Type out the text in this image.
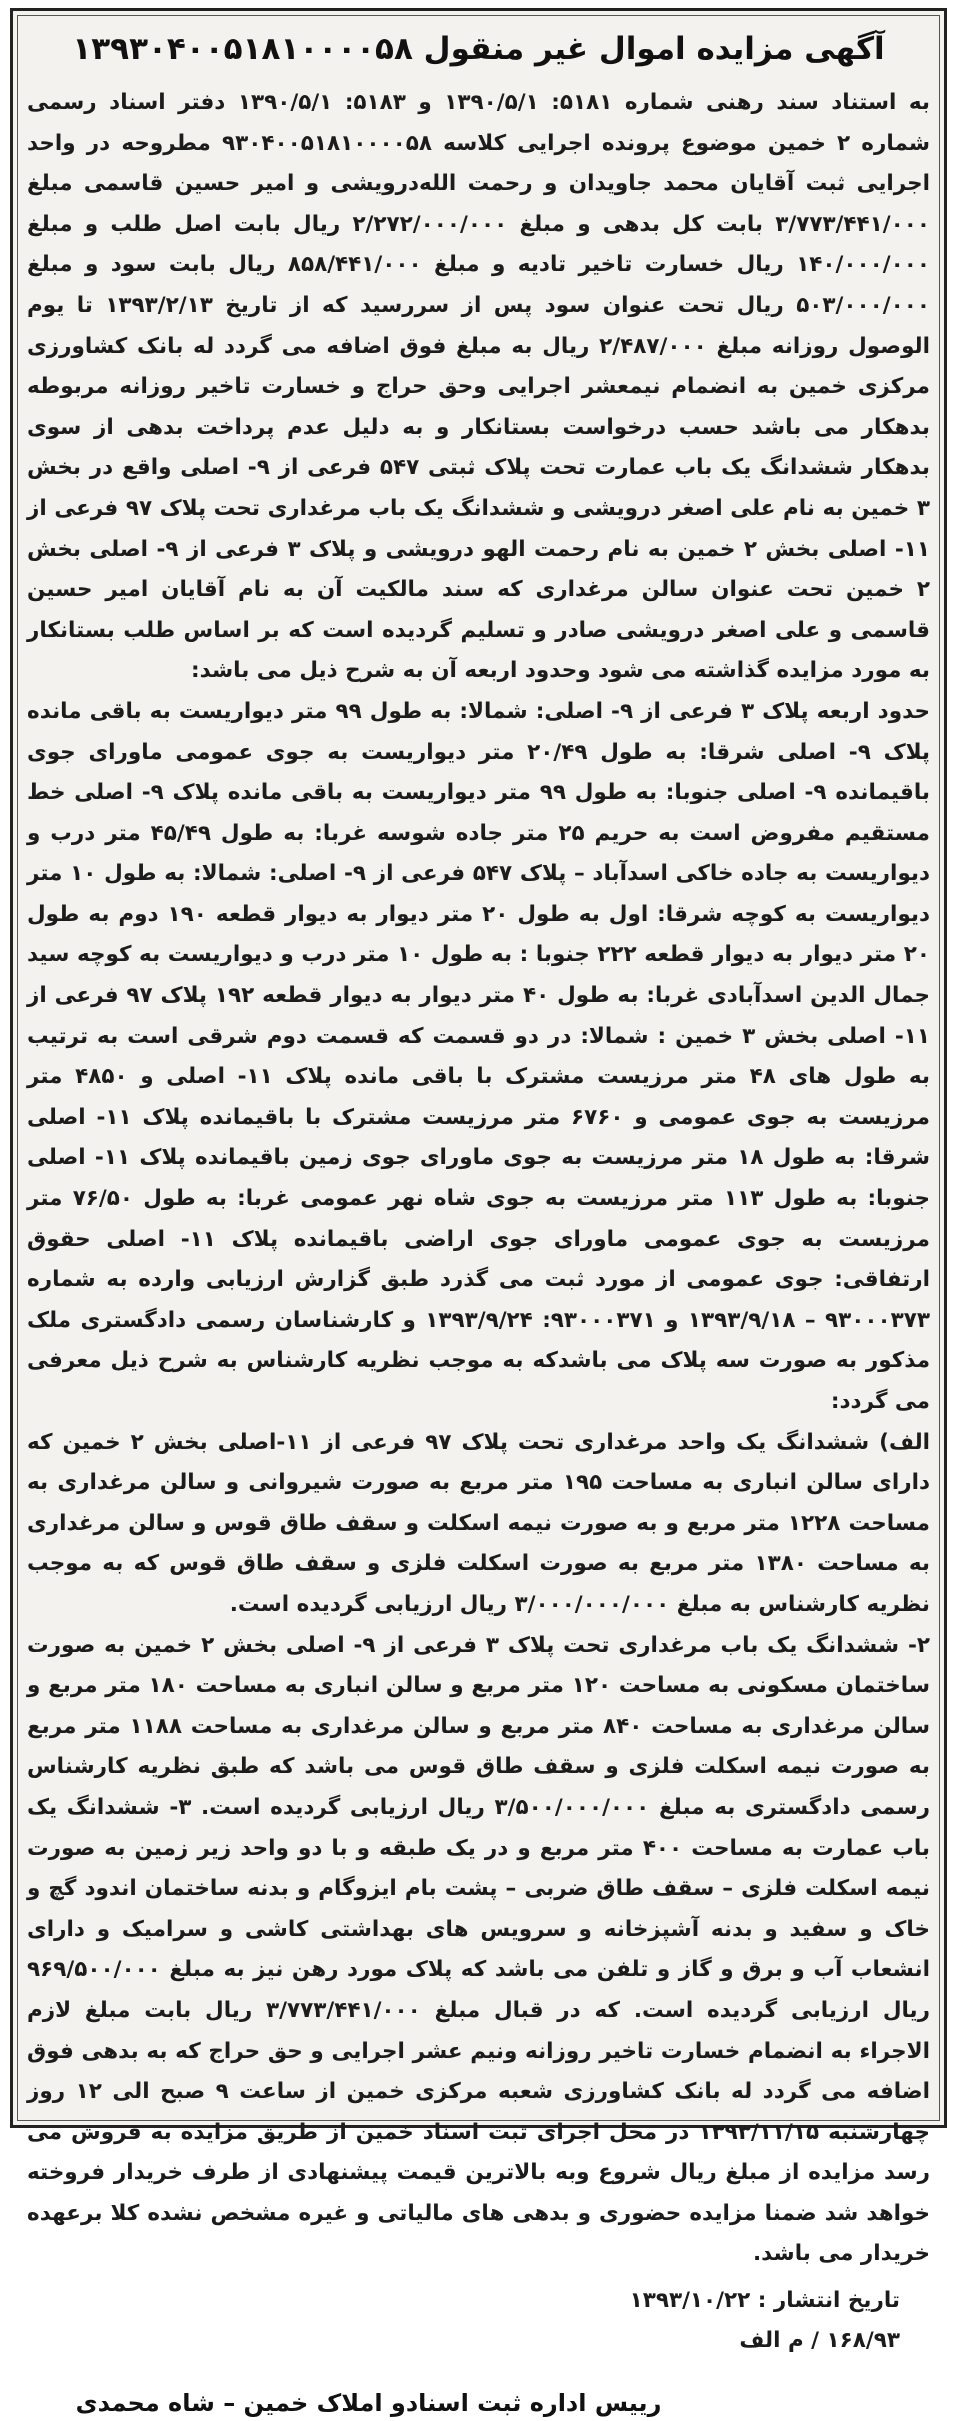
آگهی مزایده اموال غیر منقول ۱۳۹۳۰۴۰۰۵۱۸۱۰۰۰۰۵۸

به استناد سند رهنی شماره ۵۱۸۱: ۱۳۹۰/۵/۱ و ۵۱۸۳: ۱۳۹۰/۵/۱ دفتر اسناد رسمی شماره ۲ خمین موضوع پرونده اجرایی کلاسه ۹۳۰۴۰۰۵۱۸۱۰۰۰۰۵۸ مطروحه در واحد اجرایی ثبت آقایان محمد جاویدان و رحمت الله‌درویشی و امیر حسین قاسمی مبلغ ۳/۷۷۳/۴۴۱/۰۰۰ بابت کل بدهی و مبلغ ۲/۲۷۲/۰۰۰/۰۰۰ ریال بابت اصل طلب و مبلغ ۱۴۰/۰۰۰/۰۰۰ ریال خسارت تاخیر تادیه و مبلغ ۸۵۸/۴۴۱/۰۰۰ ریال بابت سود و مبلغ ۵۰۳/۰۰۰/۰۰۰ ریال تحت عنوان سود پس از سررسید که از تاریخ ۱۳۹۳/۲/۱۳ تا یوم الوصول روزانه مبلغ ۲/۴۸۷/۰۰۰ ریال به مبلغ فوق اضافه می گردد له بانک کشاورزی مرکزی خمین به انضمام نیمعشر اجرایی وحق حراج و خسارت تاخیر روزانه مربوطه بدهکار می باشد حسب درخواست بستانکار و به دلیل عدم پرداخت بدهی از سوی بدهکار ششدانگ یک باب عمارت تحت پلاک ثبتی ۵۴۷ فرعی از ۹- اصلی واقع در بخش ۳ خمین به نام علی اصغر درویشی و ششدانگ یک باب مرغداری تحت پلاک ۹۷ فرعی از ۱۱- اصلی بخش ۲ خمین به نام رحمت الهو درویشی و پلاک ۳ فرعی از ۹- اصلی بخش ۲ خمین تحت عنوان سالن مرغداری که سند مالکیت آن به نام آقایان امیر حسین قاسمی و علی اصغر درویشی صادر و تسلیم گردیده است که بر اساس طلب بستانکار به مورد مزایده گذاشته می شود وحدود اربعه آن به شرح ذیل می باشد:

حدود اربعه پلاک ۳ فرعی از ۹- اصلی: شمالا: به طول ۹۹ متر دیواریست به باقی مانده پلاک ۹- اصلی شرقا: به طول ۲۰/۴۹ متر دیواریست به جوی عمومی ماورای جوی باقیمانده ۹- اصلی جنوبا: به طول ۹۹ متر دیواریست به باقی مانده پلاک ۹- اصلی خط مستقیم مفروض است به حریم ۲۵ متر جاده شوسه غربا: به طول ۴۵/۴۹ متر درب و دیواریست به جاده خاکی اسدآباد – پلاک ۵۴۷ فرعی از ۹- اصلی: شمالا: به طول ۱۰ متر دیواریست به کوچه شرقا: اول به طول ۲۰ متر دیوار به دیوار قطعه ۱۹۰ دوم به طول ۲۰ متر دیوار به دیوار قطعه ۲۲۲ جنوبا : به طول ۱۰ متر درب و دیواریست به کوچه سید جمال الدین اسدآبادی غربا: به طول ۴۰ متر دیوار به دیوار قطعه ۱۹۲ پلاک ۹۷ فرعی از ۱۱- اصلی بخش ۳ خمین : شمالا: در دو قسمت که قسمت دوم شرقی است به ترتیب به طول های ۴۸ متر مرزیست مشترک با باقی مانده پلاک ۱۱- اصلی و ۴۸۵۰ متر مرزیست به جوی عمومی و ۶۷۶۰ متر مرزیست مشترک با باقیمانده پلاک ۱۱- اصلی شرقا: به طول ۱۸ متر مرزیست به جوی ماورای جوی زمین باقیمانده پلاک ۱۱- اصلی جنوبا: به طول ۱۱۳ متر مرزیست به جوی شاه نهر عمومی غربا: به طول ۷۶/۵۰ متر مرزیست به جوی عمومی ماورای جوی اراضی باقیمانده پلاک ۱۱- اصلی حقوق ارتفاقی: جوی عمومی از مورد ثبت می گذرد طبق گزارش ارزیابی وارده به شماره ۹۳۰۰۰۳۷۳ – ۱۳۹۳/۹/۱۸ و ۹۳۰۰۰۳۷۱: ۱۳۹۳/۹/۲۴ و کارشناسان رسمی دادگستری ملک مذکور به صورت سه پلاک می باشدکه به موجب نظریه کارشناس به شرح ذیل معرفی می گردد:

الف) ششدانگ یک واحد مرغداری تحت پلاک ۹۷ فرعی از ۱۱-اصلی بخش ۲ خمین که دارای سالن انباری به مساحت ۱۹۵ متر مربع به صورت شیروانی و سالن مرغداری به مساحت ۱۲۲۸ متر مربع و به صورت نیمه اسکلت و سقف طاق قوس و سالن مرغداری به مساحت ۱۳۸۰ متر مربع به صورت اسکلت فلزی و سقف طاق قوس که به موجب نظریه کارشناس به مبلغ ۳/۰۰۰/۰۰۰/۰۰۰ ریال ارزیابی گردیده است.

۲- ششدانگ یک باب مرغداری تحت پلاک ۳ فرعی از ۹- اصلی بخش ۲ خمین به صورت ساختمان مسکونی به مساحت ۱۲۰ متر مربع و سالن انباری به مساحت ۱۸۰ متر مربع و سالن مرغداری به مساحت ۸۴۰ متر مربع و سالن مرغداری به مساحت ۱۱۸۸ متر مربع به صورت نیمه اسکلت فلزی و سقف طاق قوس می باشد که طبق نظریه کارشناس رسمی دادگستری به مبلغ ۳/۵۰۰/۰۰۰/۰۰۰ ریال ارزیابی گردیده است. ۳- ششدانگ یک باب عمارت به مساحت ۴۰۰ متر مربع و در یک طبقه و با دو واحد زیر زمین به صورت نیمه اسکلت فلزی – سقف طاق ضربی – پشت بام ایزوگام و بدنه ساختمان اندود گچ و خاک و سفید و بدنه آشپزخانه و سرویس های بهداشتی کاشی و سرامیک و دارای انشعاب آب و برق و گاز و تلفن می باشد که پلاک مورد رهن نیز به مبلغ ۹۶۹/۵۰۰/۰۰۰ ریال ارزیابی گردیده است. که در قبال مبلغ ۳/۷۷۳/۴۴۱/۰۰۰ ریال بابت مبلغ لازم الاجراء به انضمام خسارت تاخیر روزانه ونیم عشر اجرایی و حق حراج که به بدهی فوق اضافه می گردد له بانک کشاورزی شعبه مرکزی خمین از ساعت ۹ صبح الی ۱۲ روز چهارشنبه ۱۳۹۳/۱۱/۱۵ در محل اجرای ثبت اسناد خمین از طریق مزایده به فروش می رسد مزایده از مبلغ ریال شروع وبه بالاترین قیمت پیشنهادی از طرف خریدار فروخته خواهد شد ضمنا مزایده حضوری و بدهی های مالیاتی و غیره مشخص نشده کلا برعهده خریدار می باشد.

تاریخ انتشار : ۱۳۹۳/۱۰/۲۲
۱۶۸/۹۳ / م الف
رییس اداره ثبت اسنادو املاک خمین – شاه محمدی
